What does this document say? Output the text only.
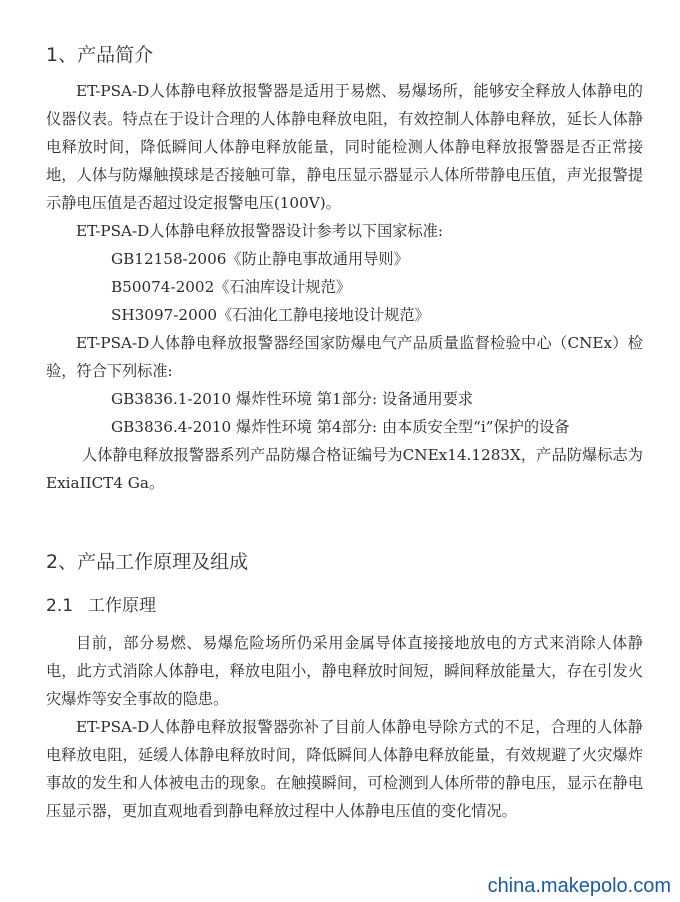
1、产品简介

ET-PSA-D人体静电释放报警器是适用于易燃、易爆场所，能够安全释放人体静电的仪器仪表。特点在于设计合理的人体静电释放电阻，有效控制人体静电释放，延长人体静电释放时间，降低瞬间人体静电释放能量，同时能检测人体静电释放报警器是否正常接地，人体与防爆触摸球是否接触可靠，静电压显示器显示人体所带静电压值，声光报警提示静电压值是否超过设定报警电压(100V)。

ET-PSA-D人体静电释放报警器设计参考以下国家标准:

GB12158-2006《防止静电事故通用导则》

B50074-2002《石油库设计规范》

SH3097-2000《石油化工静电接地设计规范》

ET-PSA-D人体静电释放报警器经国家防爆电气产品质量监督检验中心（CNEx）检验，符合下列标准:

GB3836.1-2010 爆炸性环境 第1部分: 设备通用要求

GB3836.4-2010 爆炸性环境 第4部分: 由本质安全型“i”保护的设备

人体静电释放报警器系列产品防爆合格证编号为CNEx14.1283X，产品防爆标志为ExiaIICT4 Ga。

2、产品工作原理及组成
2.1 工作原理

目前，部分易燃、易爆危险场所仍采用金属导体直接接地放电的方式来消除人体静电，此方式消除人体静电，释放电阻小，静电释放时间短，瞬间释放能量大，存在引发火灾爆炸等安全事故的隐患。

ET-PSA-D人体静电释放报警器弥补了目前人体静电导除方式的不足，合理的人体静电释放电阻，延缓人体静电释放时间，降低瞬间人体静电释放能量，有效规避了火灾爆炸事故的发生和人体被电击的现象。在触摸瞬间，可检测到人体所带的静电压，显示在静电压显示器，更加直观地看到静电释放过程中人体静电压值的变化情况。

china.makepolo.com
